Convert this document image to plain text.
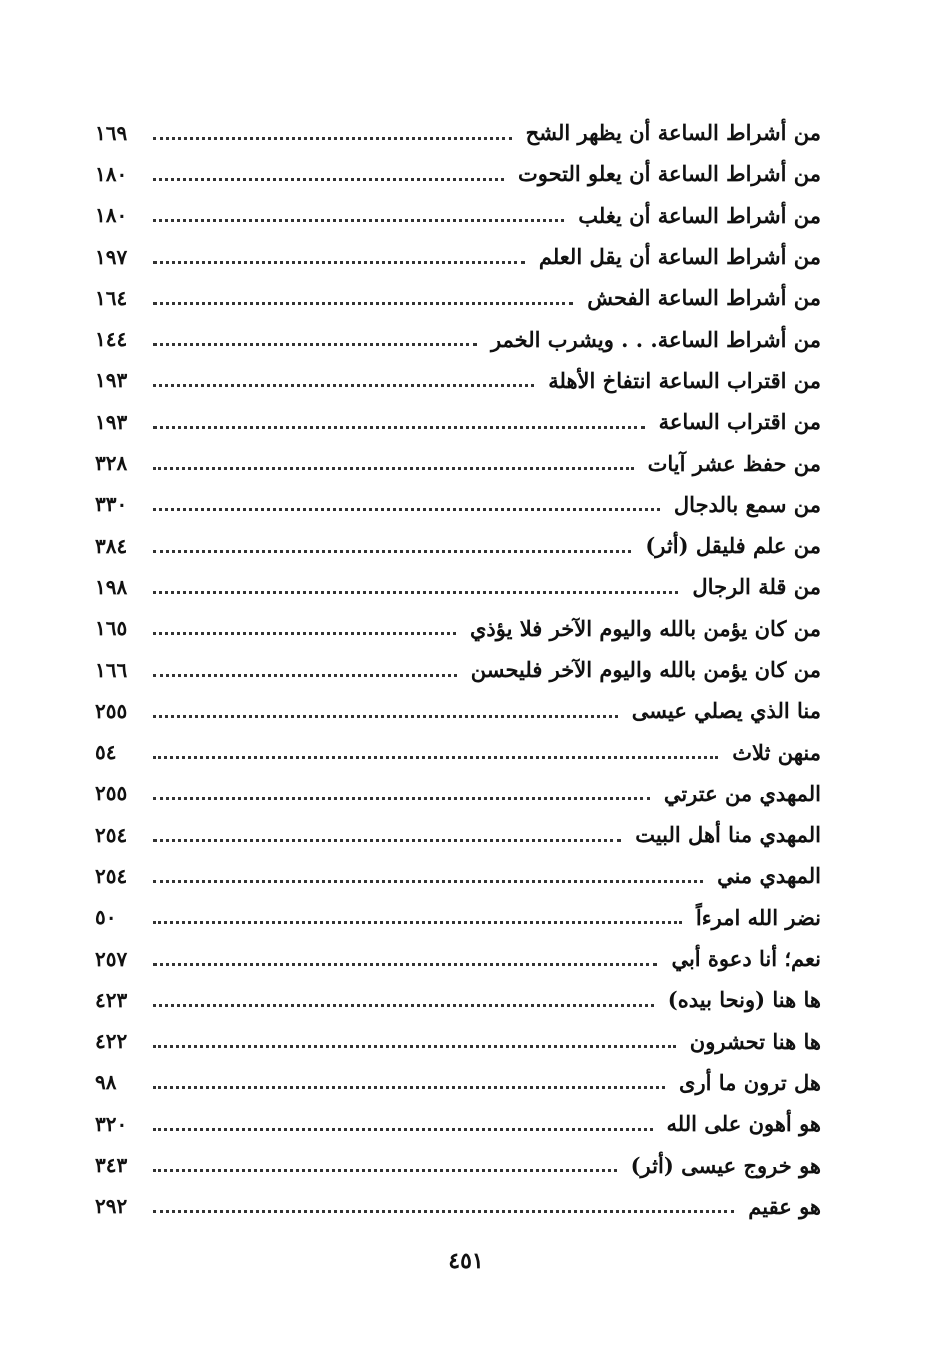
من أشراط الساعة أن يظهر الشح
١٦٩
من أشراط الساعة أن يعلو التحوت
١٨٠
من أشراط الساعة أن يغلب
١٨٠
من أشراط الساعة أن يقل العلم
١٩٧
من أشراط الساعة الفحش
١٦٤
من أشراط الساعة. . . ويشرب الخمر
١٤٤
من اقتراب الساعة انتفاخ الأهلة
١٩٣
من اقتراب الساعة
١٩٣
من حفظ عشر آيات
٣٢٨
من سمع بالدجال
٣٣٠
من علم فليقل (أثر)
٣٨٤
من قلة الرجال
١٩٨
من كان يؤمن بالله واليوم الآخر فلا يؤذي
١٦٥
من كان يؤمن بالله واليوم الآخر فليحسن
١٦٦
منا الذي يصلي عيسى
٢٥٥
منهن ثلاث
٥٤
المهدي من عترتي
٢٥٥
المهدي منا أهل البيت
٢٥٤
المهدي مني
٢٥٤
نضر الله امرءاً
٥٠
نعم؛ أنا دعوة أبي
٢٥٧
ها هنا (ونحا بيده)
٤٢٣
ها هنا تحشرون
٤٢٢
هل ترون ما أرى
٩٨
هو أهون على الله
٣٢٠
هو خروج عيسى (أثر)
٣٤٣
هو عقيم
٢٩٢
٤٥١
